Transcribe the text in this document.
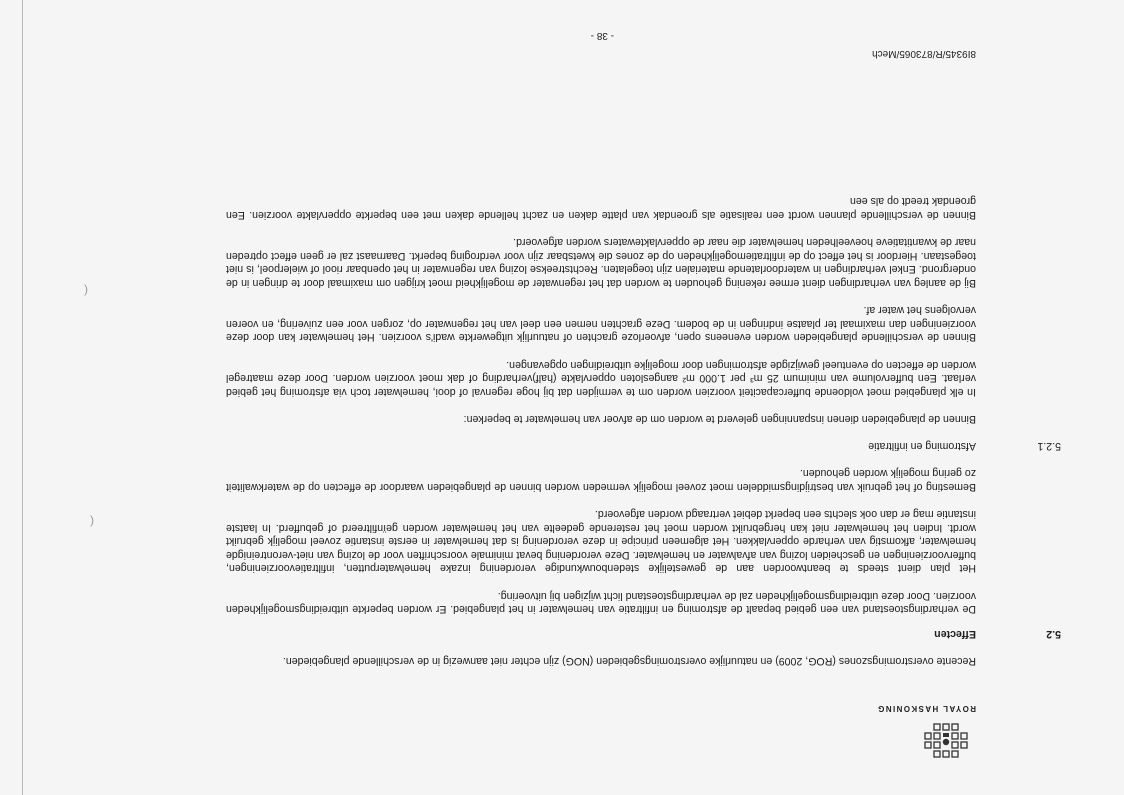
ROYAL HASKONING

Recente overstromingszones (ROG, 2009) en natuurlijke overstromingsgebieden (NOG) zijn echter niet aanwezig in de verschillende plangebieden.

5.2
Effecten

De verhardingstoestand van een gebied bepaalt de afstroming en infiltratie van hemelwater in het plangebied. Er worden beperkte uitbreidingsmogelijkheden voorzien. Door deze uitbreidingsmogelijkheden zal de verhardingstoestand licht wijzigen bij uitvoering.

Het plan dient steeds te beantwoorden aan de gewestelijke stedenbouwkundige verordening inzake hemelwaterputten, infiltratievoorzieningen, buffervoorzieningen en gescheiden lozing van afvalwater en hemelwater. Deze verordening bevat minimale voorschriften voor de lozing van niet-verontreinigde hemelwater, afkomstig van verharde oppervlakken. Het algemeen principe in deze verordening is dat hemelwater in eerste instantie zoveel mogelijk gebruikt wordt. Indien het hemelwater niet kan hergebruikt worden moet het resterende gedeelte van het hemelwater worden geïnfiltreerd of gebufferd. In laatste instantie mag er dan ook slechts een beperkt debiet vertraagd worden afgevoerd.

Bemesting of het gebruik van bestrijdingsmiddelen moet zoveel mogelijk vermeden worden binnen de plangebieden waardoor de effecten op de waterkwaliteit zo gering mogelijk worden gehouden.

5.2.1
Afstroming en infiltratie

Binnen de plangebieden dienen inspanningen geleverd te worden om de afvoer van hemelwater te beperken:

In elk plangebied moet voldoende buffercapaciteit voorzien worden om te vermijden dat bij hoge regenval of dooi, hemelwater toch via afstroming het gebied verlaat. Een buffervolume van minimum 25 m³ per 1.000 m² aangesloten oppervlakte (half)verharding of dak moet voorzien worden. Door deze maatregel worden de effecten op eventueel gewijzigde afstromingen door mogelijke uitbreidingen opgevangen.

Binnen de verschillende plangebieden worden eveneens open, afvoerloze grachten of natuurlijk uitgewerkte wadi's voorzien. Het hemelwater kan door deze voorzieningen dan maximaal ter plaatse indringen in de bodem. Deze grachten nemen een deel van het regenwater op, zorgen voor een zuivering, en voeren vervolgens het water af.

Bij de aanleg van verhardingen dient ermee rekening gehouden te worden dat het regenwater de mogelijkheid moet krijgen om maximaal door te dringen in de ondergrond. Enkel verhardingen in waterdoorlatende materialen zijn toegelaten. Rechtstreekse lozing van regenwater in het openbaar riool of wielerpoel, is niet toegestaan. Hierdoor is het effect op de infiltratiemogelijkheden op de zones die kwetsbaar zijn voor verdroging beperkt. Daarnaast zal er geen effect optreden naar de kwantitatieve hoeveelheden hemelwater die naar de oppervlaktewaters worden afgevoerd.

Binnen de verschillende plannen wordt een realisatie als groendak van platte daken en zacht hellende daken met een beperkte oppervlakte voorzien. Een groendak treedt op als een

(
(
8I9345/R/873065/Mech
- 38 -
